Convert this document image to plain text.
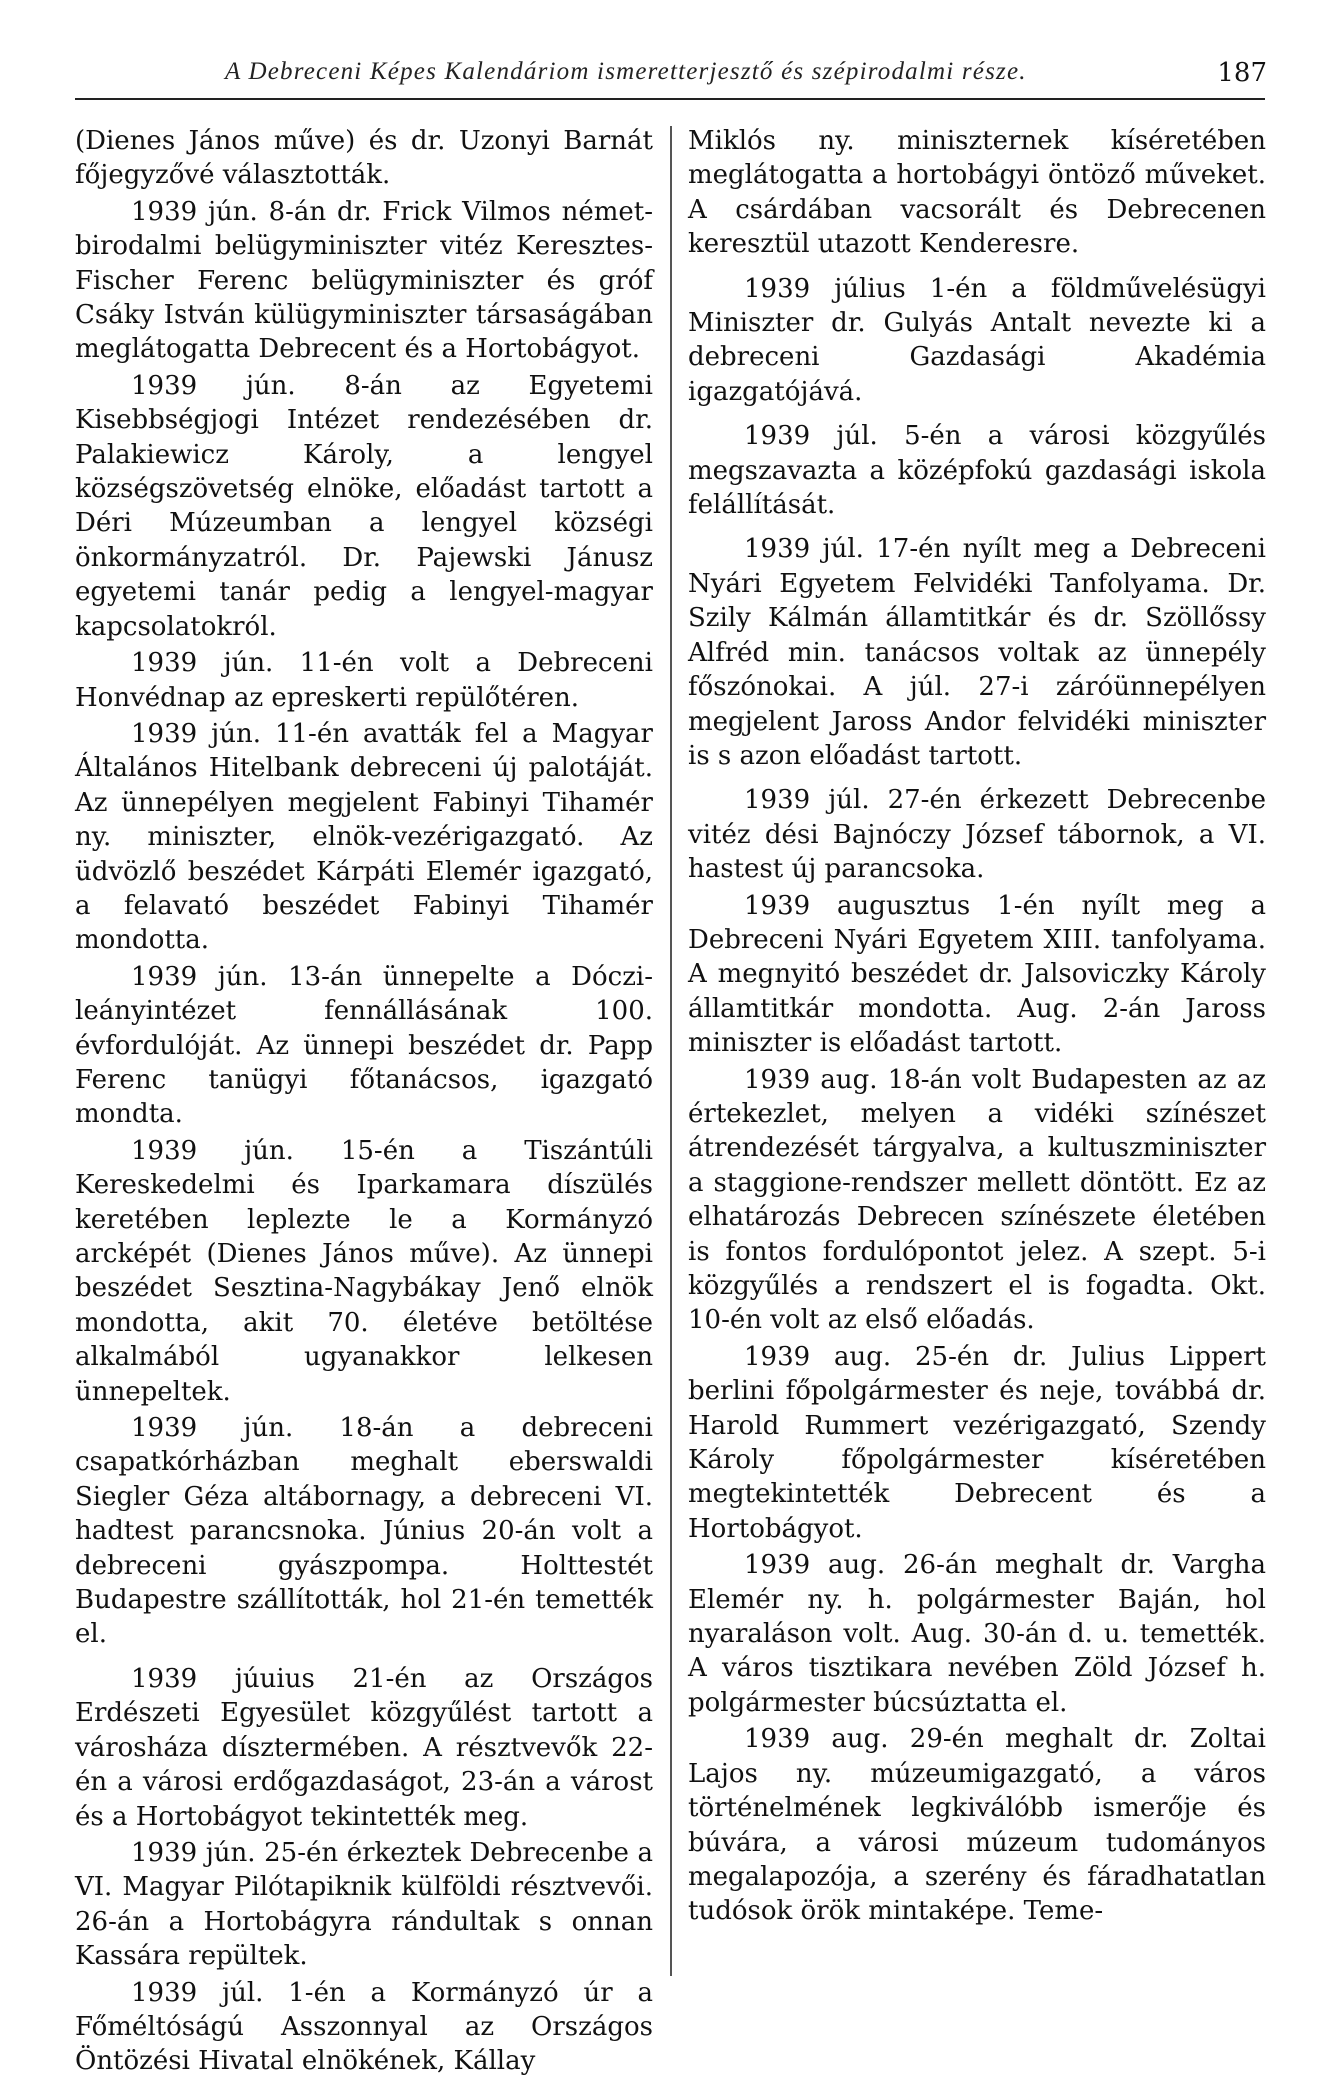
A Debreceni Képes Kalendáriom ismeretterjesztő és szépirodalmi része.	187

(Dienes János műve) és dr. Uzonyi Barnát főjegyzővé választották.

1939 jún. 8-án dr. Frick Vilmos német-birodalmi belügyminiszter vitéz Keresztes-Fischer Ferenc belügyminiszter és gróf Csáky István külügyminiszter társaságában meglátogatta Debrecent és a Hortobágyot.

1939 jún. 8-án az Egyetemi Kisebbségjogi Intézet rendezésében dr. Palakiewicz Károly, a lengyel községszövetség elnöke, előadást tartott a Déri Múzeumban a lengyel községi önkormányzatról. Dr. Pajewski Jánusz egyetemi tanár pedig a lengyel-magyar kapcsolatokról.

1939 jún. 11-én volt a Debreceni Honvédnap az epreskerti repülőtéren.

1939 jún. 11-én avatták fel a Magyar Általános Hitelbank debreceni új palotáját. Az ünnepélyen megjelent Fabinyi Tihamér ny. miniszter, elnök-vezérigazgató. Az üdvözlő beszédet Kárpáti Elemér igazgató, a felavató beszédet Fabinyi Tihamér mondotta.

1939 jún. 13-án ünnepelte a Dóczi-leányintézet fennállásának 100. évfordulóját. Az ünnepi beszédet dr. Papp Ferenc tanügyi főtanácsos, igazgató mondta.

1939 jún. 15-én a Tiszántúli Kereskedelmi és Iparkamara díszülés keretében leplezte le a Kormányzó arcképét (Dienes János műve). Az ünnepi beszédet Sesztina-Nagybákay Jenő elnök mondotta, akit 70. életéve betöltése alkalmából ugyanakkor lelkesen ünnepeltek.

1939 jún. 18-án a debreceni csapatkórházban meghalt eberswaldi Siegler Géza altábornagy, a debreceni VI. hadtest parancsnoka. Június 20-án volt a debreceni gyászpompa. Holttestét Budapestre szállították, hol 21-én temették el.

1939 júuius 21-én az Országos Erdészeti Egyesület közgyűlést tartott a városháza dísztermében. A résztvevők 22-én a városi erdőgazdaságot, 23-án a várost és a Hortobágyot tekintették meg.

1939 jún. 25-én érkeztek Debrecenbe a VI. Magyar Pilótapiknik külföldi résztvevői. 26-án a Hortobágyra rándultak s onnan Kassára repültek.

1939 júl. 1-én a Kormányzó úr a Főméltóságú Asszonnyal az Országos Öntözési Hivatal elnökének, Kállay

Miklós ny. miniszternek kíséretében meglátogatta a hortobágyi öntöző műveket. A csárdában vacsorált és Debrecenen keresztül utazott Kenderesre.

1939 július 1-én a földművelésügyi Miniszter dr. Gulyás Antalt nevezte ki a debreceni Gazdasági Akadémia igazgatójává.

1939 júl. 5-én a városi közgyűlés megszavazta a középfokú gazdasági iskola felállítását.

1939 júl. 17-én nyílt meg a Debreceni Nyári Egyetem Felvidéki Tanfolyama. Dr. Szily Kálmán államtitkár és dr. Szöllőssy Alfréd min. tanácsos voltak az ünnepély főszónokai. A júl. 27-i záróünnepélyen megjelent Jaross Andor felvidéki miniszter is s azon előadást tartott.

1939 júl. 27-én érkezett Debrecenbe vitéz dési Bajnóczy József tábornok, a VI. hastest új parancsoka.

1939 augusztus 1-én nyílt meg a Debreceni Nyári Egyetem XIII. tanfolyama. A megnyitó beszédet dr. Jalsoviczky Károly államtitkár mondotta. Aug. 2-án Jaross miniszter is előadást tartott.

1939 aug. 18-án volt Budapesten az az értekezlet, melyen a vidéki színészet átrendezését tárgyalva, a kultuszminiszter a staggione-rendszer mellett döntött. Ez az elhatározás Debrecen színészete életében is fontos fordulópontot jelez. A szept. 5-i közgyűlés a rendszert el is fogadta. Okt. 10-én volt az első előadás.

1939 aug. 25-én dr. Julius Lippert berlini főpolgármester és neje, továbbá dr. Harold Rummert vezérigazgató, Szendy Károly főpolgármester kíséretében megtekintették Debrecent és a Hortobágyot.

1939 aug. 26-án meghalt dr. Vargha Elemér ny. h. polgármester Baján, hol nyaraláson volt. Aug. 30-án d. u. temették. A város tisztikara nevében Zöld József h. polgármester búcsúztatta el.

1939 aug. 29-én meghalt dr. Zoltai Lajos ny. múzeumigazgató, a város történelmének legkiválóbb ismerője és búvára, a városi múzeum tudományos megalapozója, a szerény és fáradhatatlan tudósok örök mintaképe. Teme-
